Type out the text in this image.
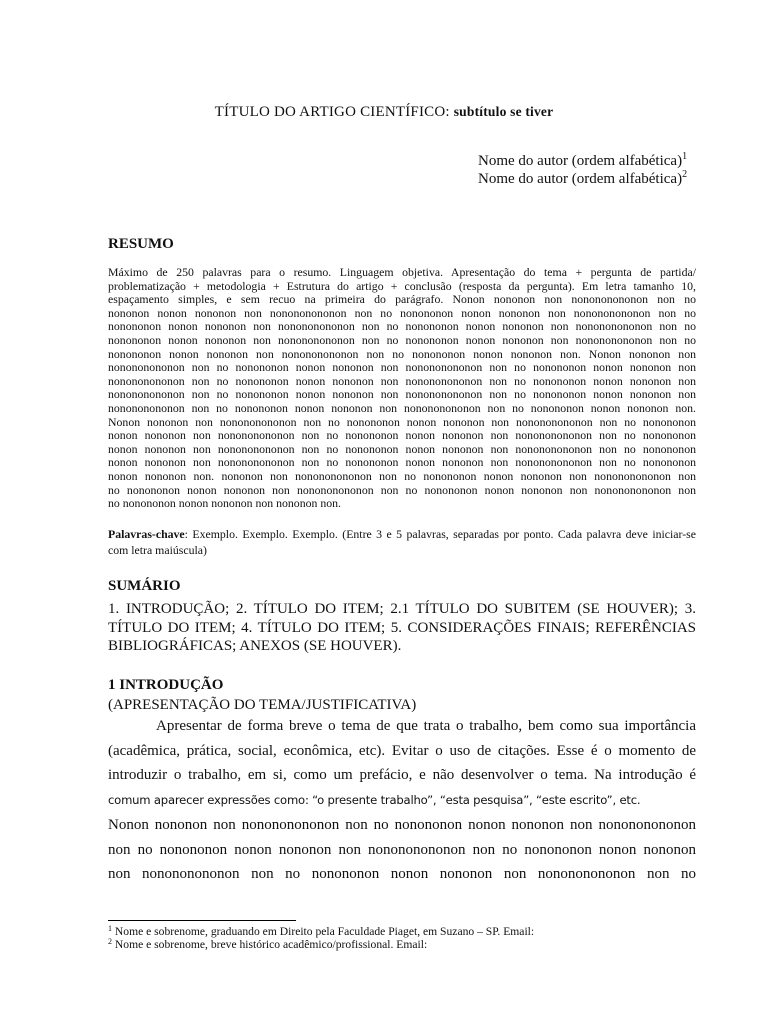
TÍTULO DO ARTIGO CIENTÍFICO: subtítulo se tiver
Nome do autor (ordem alfabética)$^1$
Nome do autor (ordem alfabética)$^2$
RESUMO
Máximo de 250 palavras para o resumo. Linguagem objetiva. Apresentação do tema + pergunta de partida/
problematização + metodologia + Estrutura do artigo + conclusão (resposta da pergunta). Em letra tamanho 10,
espaçamento simples, e sem recuo na primeira do parágrafo. Nonon nononon non nonononononon non no
nononon nonon nononon non nonononononon non no nonononon nonon nononon non nonononononon non no
nonononon nonon nononon non nonononononon non no nonononon nonon nononon non nonononononon non no
nonononon nonon nononon non nonononononon non no nonononon nonon nononon non nonononononon non no
nonononon nonon nononon non nonononononon non no nonononon nonon nononon non. Nonon nononon non
nonononononon non no nonononon nonon nononon non nonononononon non no nonononon nonon nononon non
nonononononon non no nonononon nonon nononon non nonononononon non no nonononon nonon nononon non
nonononononon non no nonononon nonon nononon non nonononononon non no nonononon nonon nononon non
nonononononon non no nonononon nonon nononon non nonononononon non no nonononon nonon nononon non.
Nonon nononon non nonononononon non no nonononon nonon nononon non nonononononon non no nonononon
nonon nononon non nonononononon non no nonononon nonon nononon non nonononononon non no nonononon
nonon nononon non nonononononon non no nonononon nonon nononon non nonononononon non no nonononon
nonon nononon non nonononononon non no nonononon nonon nononon non nonononononon non no nonononon
nonon nononon non. nononon non nonononononon non no nonononon nonon nononon non nonononononon non
no nonononon nonon nononon non nonononononon non no nonononon nonon nononon non nonononononon non
no nonononon nonon nononon non nononon non.
Palavras-chave: Exemplo. Exemplo. Exemplo. (Entre 3 e 5 palavras, separadas por ponto. Cada palavra deve iniciar-se com letra maiúscula)
SUMÁRIO
1. INTRODUÇÃO; 2. TÍTULO DO ITEM; 2.1 TÍTULO DO SUBITEM (SE HOUVER); 3.
TÍTULO DO ITEM; 4. TÍTULO DO ITEM; 5. CONSIDERAÇÕES FINAIS; REFERÊNCIAS
BIBLIOGRÁFICAS; ANEXOS (SE HOUVER).
1 INTRODUÇÃO
(APRESENTAÇÃO DO TEMA/JUSTIFICATIVA)
Apresentar de forma breve o tema de que trata o trabalho, bem como sua importância
(acadêmica, prática, social, econômica, etc). Evitar o uso de citações. Esse é o momento de
introduzir o trabalho, em si, como um prefácio, e não desenvolver o tema. Na introdução é
comum aparecer expressões como: “o presente trabalho”, “esta pesquisa”, “este escrito”, etc.
Nonon nononon non nonononononon non no nonononon nonon nononon non nonononononon
non no nonononon nonon nononon non nonononononon non no nonononon nonon nononon
non nonononononon non no nonononon nonon nononon non nonononononon non no
$^1$ Nome e sobrenome, graduando em Direito pela Faculdade Piaget, em Suzano – SP. Email:
$^2$ Nome e sobrenome, breve histórico acadêmico/profissional. Email:
